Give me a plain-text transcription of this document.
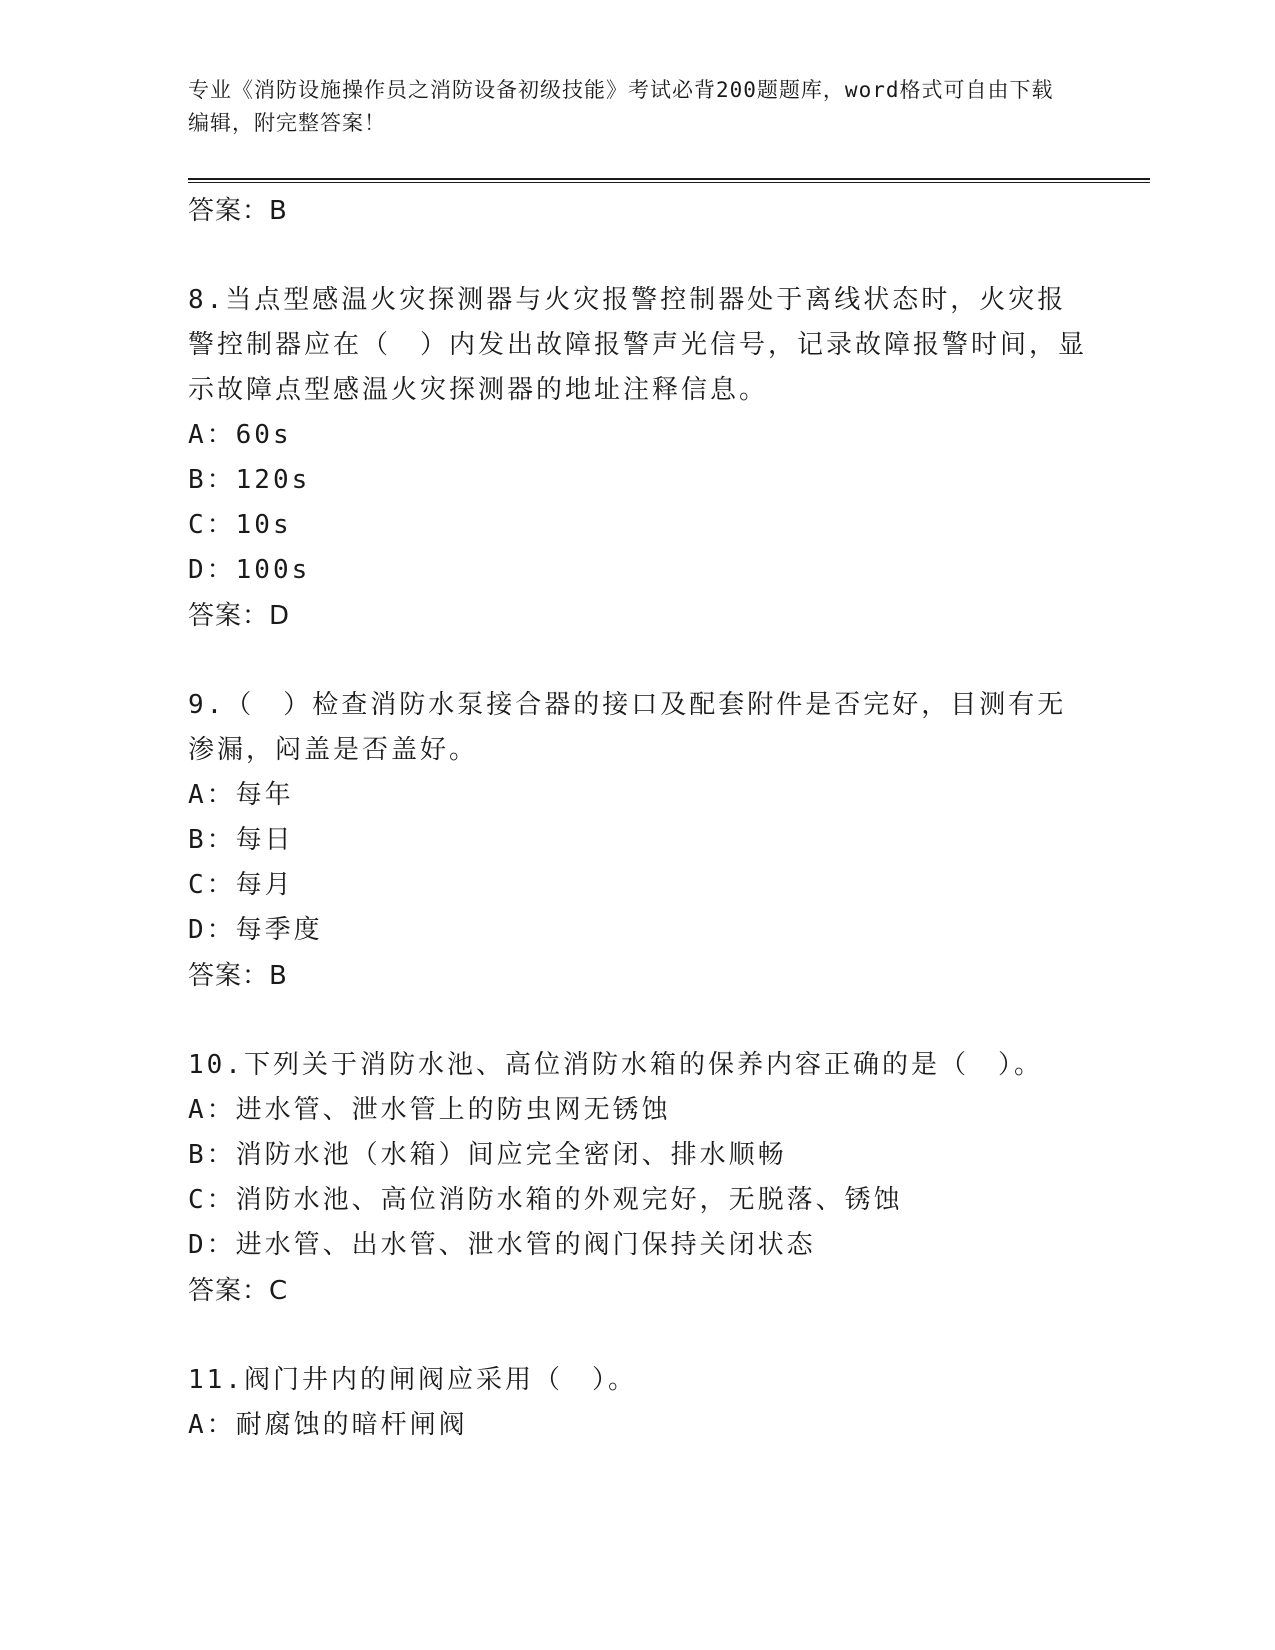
专业《消防设施操作员之消防设备初级技能》考试必背200题题库，word格式可自由下载编辑，附完整答案！
答案：B
8.当点型感温火灾探测器与火灾报警控制器处于离线状态时，火灾报警控制器应在（　）内发出故障报警声光信号，记录故障报警时间，显示故障点型感温火灾探测器的地址注释信息。
A：60s
B：120s
C：10s
D：100s
答案：D
9.（　）检查消防水泵接合器的接口及配套附件是否完好，目测有无渗漏，闷盖是否盖好。
A：每年
B：每日
C：每月
D：每季度
答案：B
10.下列关于消防水池、高位消防水箱的保养内容正确的是（　）。
A：进水管、泄水管上的防虫网无锈蚀
B：消防水池（水箱）间应完全密闭、排水顺畅
C：消防水池、高位消防水箱的外观完好，无脱落、锈蚀
D：进水管、出水管、泄水管的阀门保持关闭状态
答案：C
11.阀门井内的闸阀应采用（　）。
A：耐腐蚀的暗杆闸阀
